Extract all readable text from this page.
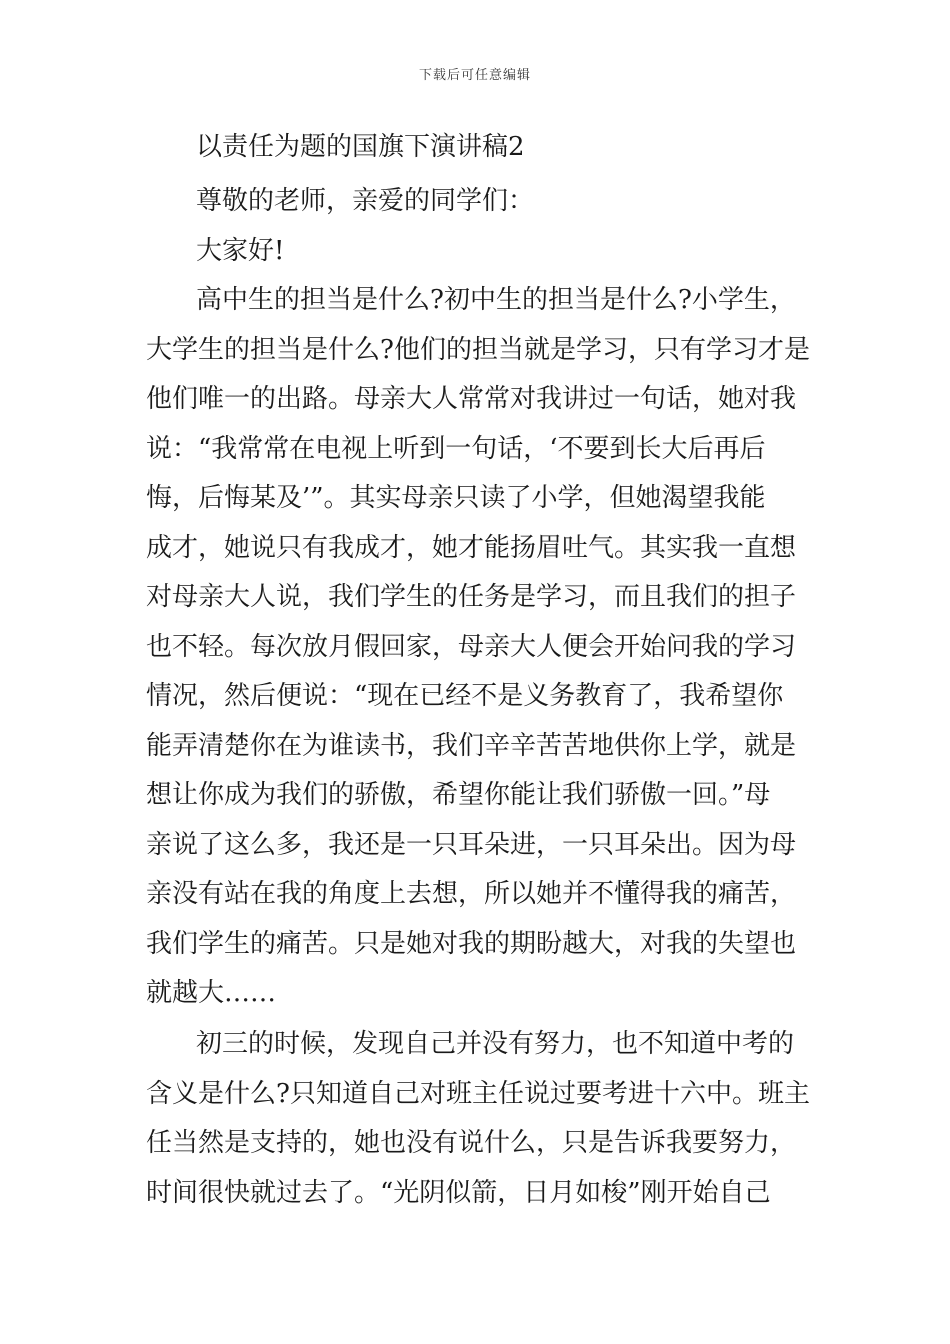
下载后可任意编辑
以责任为题的国旗下演讲稿2
尊敬的老师，亲爱的同学们：
大家好!
高中生的担当是什么?初中生的担当是什么?小学生，
大学生的担当是什么?他们的担当就是学习，只有学习才是
他们唯一的出路。母亲大人常常对我讲过一句话，她对我
说：“我常常在电视上听到一句话，‘不要到长大后再后
悔，后悔某及’”。其实母亲只读了小学，但她渴望我能
成才，她说只有我成才，她才能扬眉吐气。其实我一直想
对母亲大人说，我们学生的任务是学习，而且我们的担子
也不轻。每次放月假回家，母亲大人便会开始问我的学习
情况，然后便说：“现在已经不是义务教育了，我希望你
能弄清楚你在为谁读书，我们辛辛苦苦地供你上学，就是
想让你成为我们的骄傲，希望你能让我们骄傲一回。”母
亲说了这么多，我还是一只耳朵进，一只耳朵出。因为母
亲没有站在我的角度上去想，所以她并不懂得我的痛苦，
我们学生的痛苦。只是她对我的期盼越大，对我的失望也
就越大……
初三的时候，发现自己并没有努力，也不知道中考的
含义是什么?只知道自己对班主任说过要考进十六中。班主
任当然是支持的，她也没有说什么，只是告诉我要努力，
时间很快就过去了。“光阴似箭，日月如梭”刚开始自己
